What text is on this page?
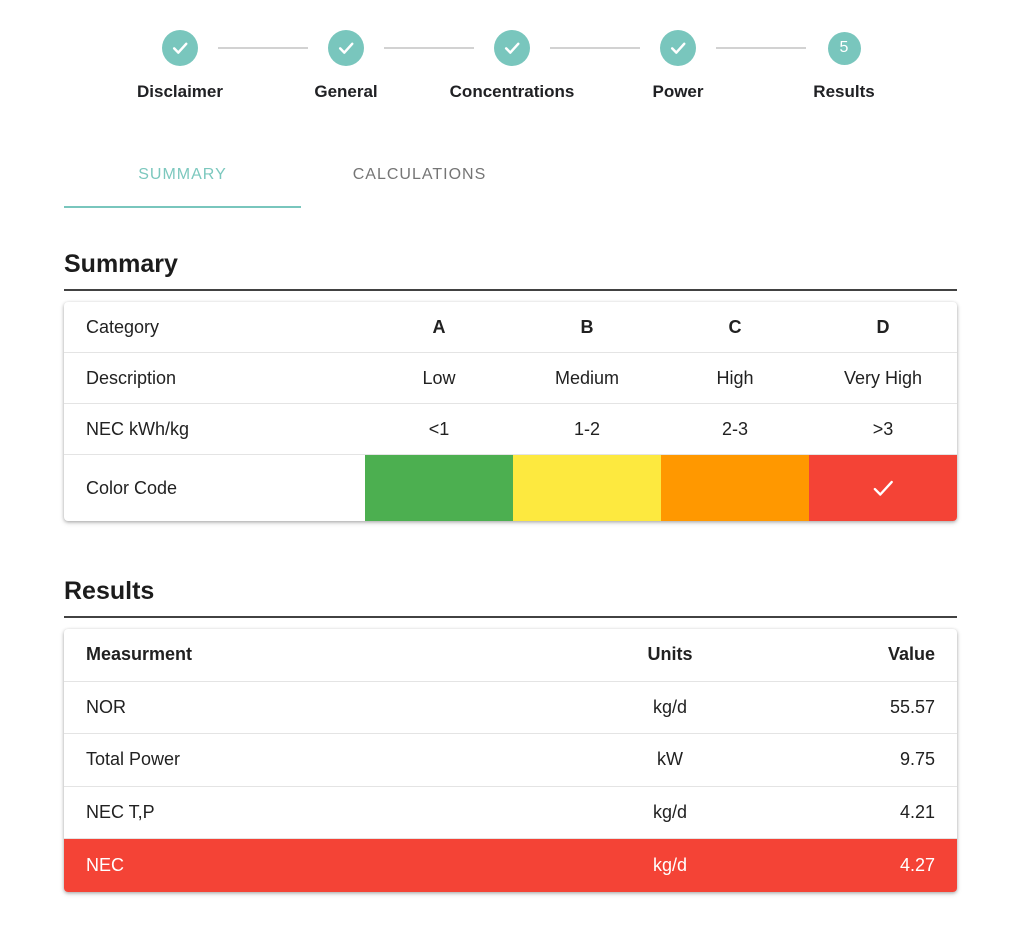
Disclaimer	General	Concentrations	Power
5
Results
SUMMARY	CALCULATIONS
Summary
Category	A	B	C	D
Description	Low	Medium	High	Very High
NEC kWh/kg	<1	1-2	2-3	>3
Color Code
Results
Measurment	Units	Value
NOR	kg/d	55.57
Total Power	kW	9.75
NEC T,P	kg/d	4.21
NEC	kg/d	4.27
